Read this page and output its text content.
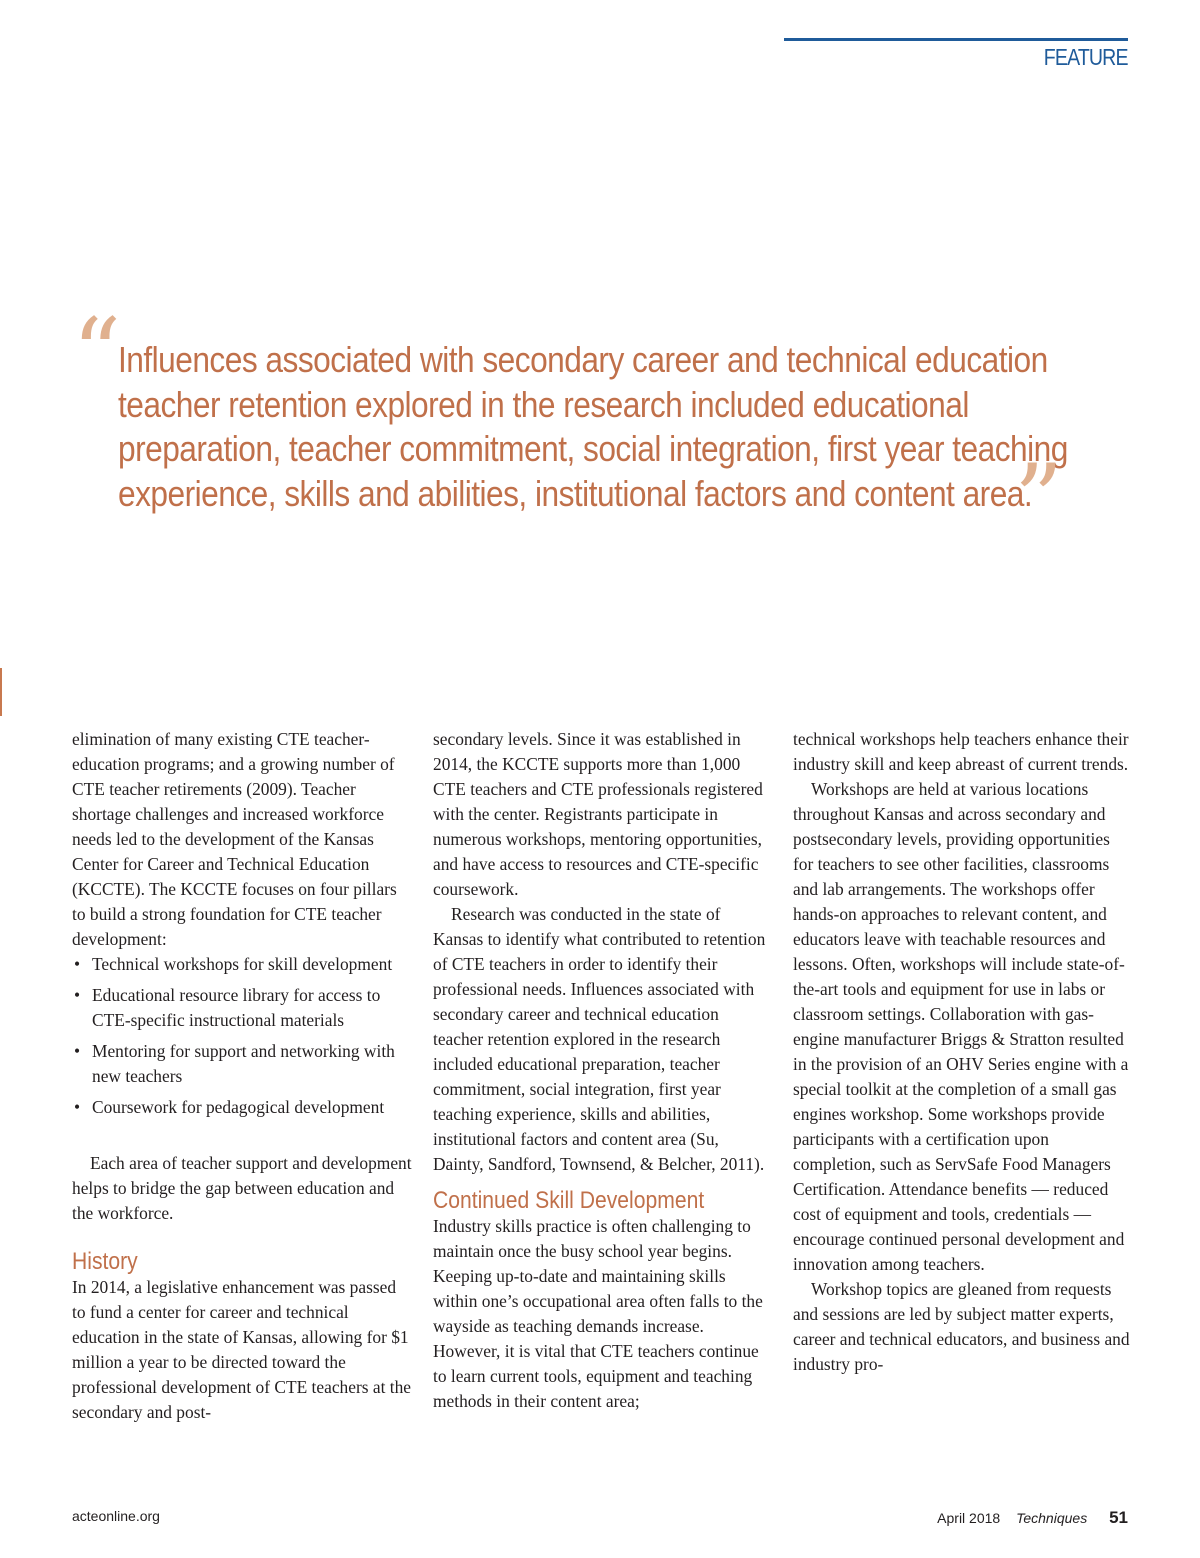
FEATURE
“
Influences associated with secondary career and technical education
teacher retention explored in the research included educational
preparation, teacher commitment, social integration, first year teaching
experience, skills and abilities, institutional factors and content area.
”

elimination of many existing CTE teacher-education programs; and a growing number of CTE teacher retirements (2009). Teacher shortage challenges and increased workforce needs led to the development of the Kansas Center for Career and Technical Education (KCCTE). The KCCTE focuses on four pillars to build a strong foundation for CTE teacher development:

• Technical workshops for skill development
• Educational resource library for access to CTE-specific instructional materials
• Mentoring for support and networking with new teachers
• Coursework for pedagogical development

Each area of teacher support and development helps to bridge the gap between education and the workforce.

History

In 2014, a legislative enhancement was passed to fund a center for career and technical education in the state of Kansas, allowing for $1 million a year to be directed toward the professional development of CTE teachers at the secondary and post-

secondary levels. Since it was established in 2014, the KCCTE supports more than 1,000 CTE teachers and CTE professionals registered with the center. Registrants participate in numerous workshops, mentoring opportunities, and have access to resources and CTE-specific coursework.

Research was conducted in the state of Kansas to identify what contributed to retention of CTE teachers in order to identify their professional needs. Influences associated with secondary career and technical education teacher retention explored in the research included educational preparation, teacher commitment, social integration, first year teaching experience, skills and abilities, institutional factors and content area (Su, Dainty, Sandford, Townsend, & Belcher, 2011).

Continued Skill Development

Industry skills practice is often challenging to maintain once the busy school year begins. Keeping up-to-date and maintaining skills within one’s occupational area often falls to the wayside as teaching demands increase. However, it is vital that CTE teachers continue to learn current tools, equipment and teaching methods in their content area;

technical workshops help teachers enhance their industry skill and keep abreast of current trends.

Workshops are held at various locations throughout Kansas and across secondary and postsecondary levels, providing opportunities for teachers to see other facilities, classrooms and lab arrangements. The workshops offer hands-on approaches to relevant content, and educators leave with teachable resources and lessons. Often, workshops will include state-of-the-art tools and equipment for use in labs or classroom settings. Collaboration with gas-engine manufacturer Briggs & Stratton resulted in the provision of an OHV Series engine with a special toolkit at the completion of a small gas engines workshop. Some workshops provide participants with a certification upon completion, such as ServSafe Food Managers Certification. Attendance benefits — reduced cost of equipment and tools, credentials — encourage continued personal development and innovation among teachers.

Workshop topics are gleaned from requests and sessions are led by subject matter experts, career and technical educators, and business and industry pro-

acteonline.org	April 2018 Techniques 51
